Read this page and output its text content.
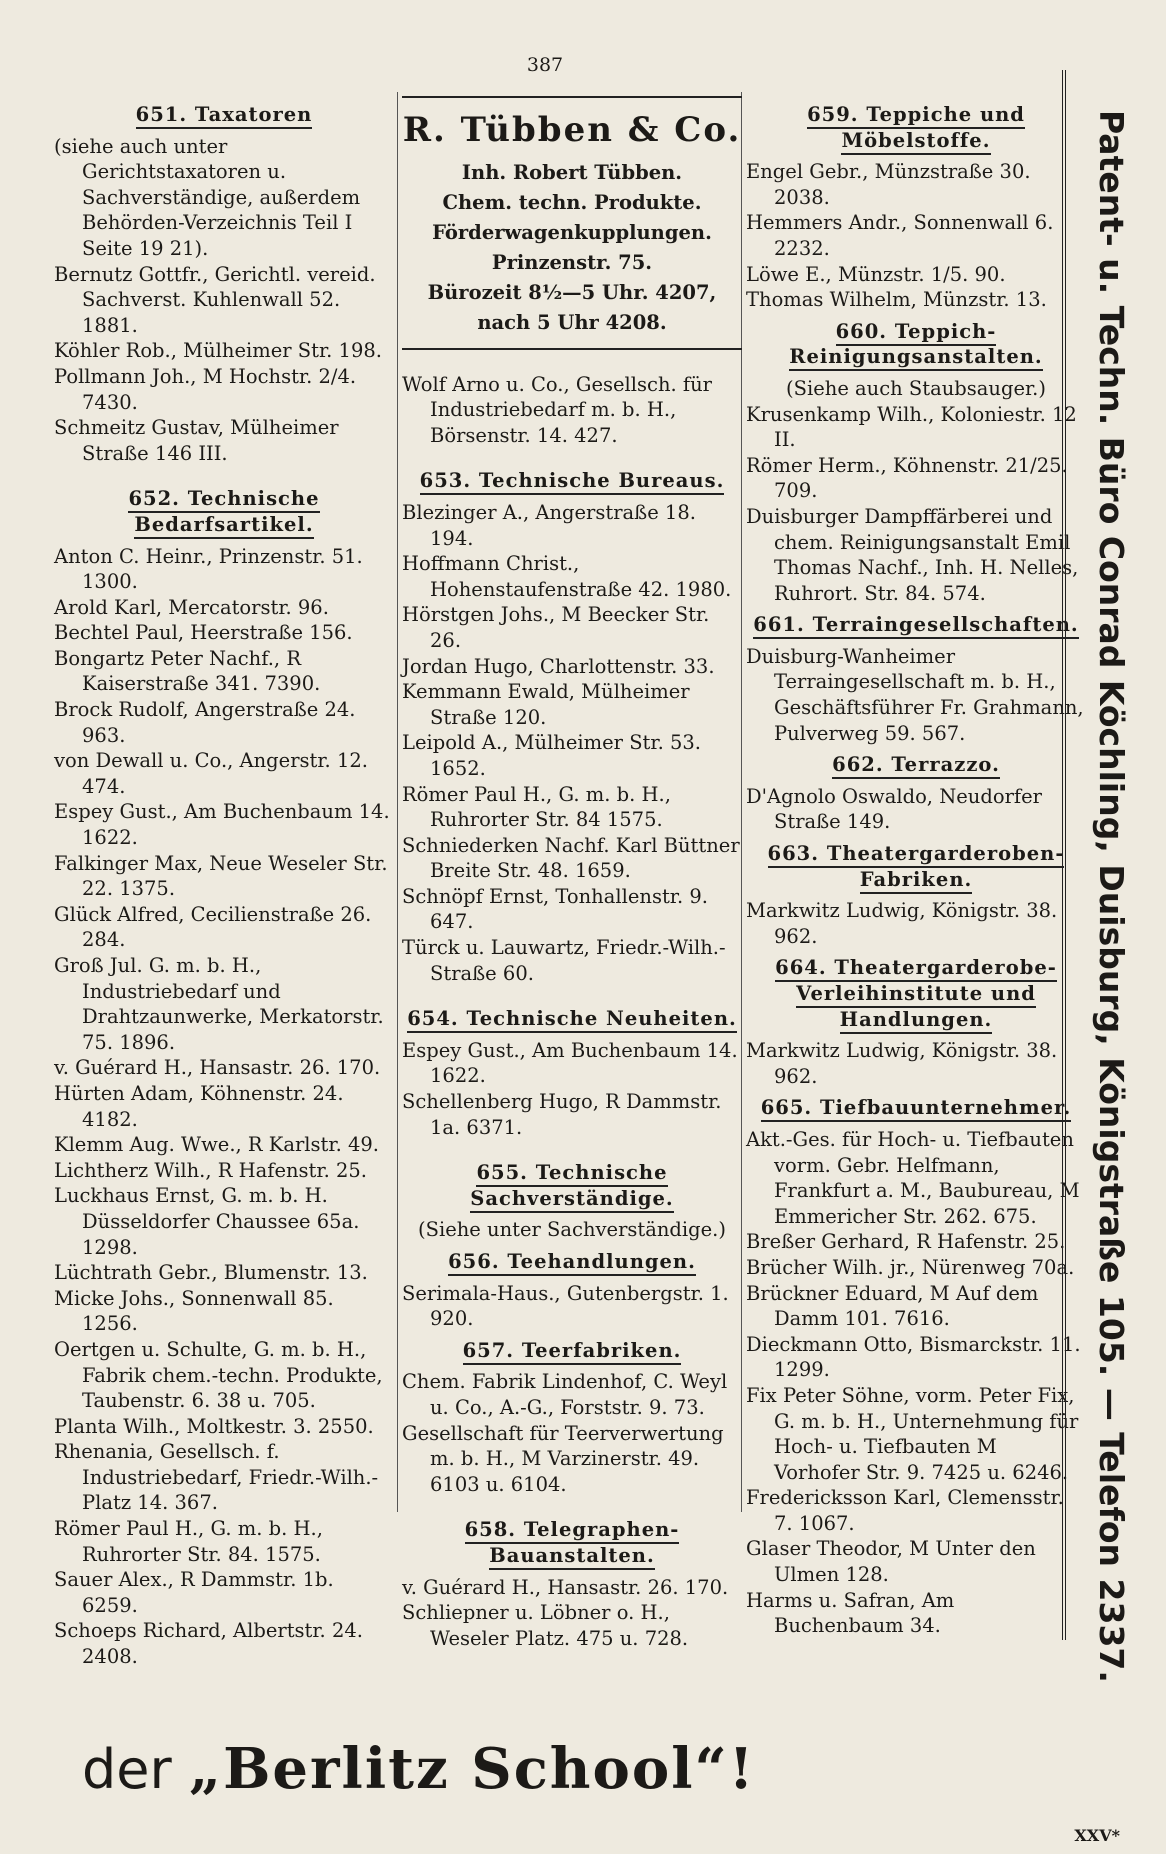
387
651. Taxatoren

(siehe auch unter Gerichtstaxatoren u. Sachverständige, außerdem Behörden-Verzeichnis Teil I Seite 19 21).

Bernutz Gottfr., Gerichtl. vereid. Sachverst. Kuhlenwall 52. 1881.

Köhler Rob., Mülheimer Str. 198.

Pollmann Joh., M Hochstr. 2/4. 7430.

Schmeitz Gustav, Mülheimer Straße 146 III.

652. Technische Bedarfsartikel.

Anton C. Heinr., Prinzenstr. 51. 1300.

Arold Karl, Mercatorstr. 96.

Bechtel Paul, Heerstraße 156.

Bongartz Peter Nachf., R Kaiserstraße 341. 7390.

Brock Rudolf, Angerstraße 24. 963.

von Dewall u. Co., Angerstr. 12. 474.

Espey Gust., Am Buchenbaum 14. 1622.

Falkinger Max, Neue Weseler Str. 22. 1375.

Glück Alfred, Cecilienstraße 26. 284.

Groß Jul. G. m. b. H., Industriebedarf und Drahtzaunwerke, Merkatorstr. 75. 1896.

v. Guérard H., Hansastr. 26. 170.

Hürten Adam, Köhnenstr. 24. 4182.

Klemm Aug. Wwe., R Karlstr. 49.

Lichtherz Wilh., R Hafenstr. 25.

Luckhaus Ernst, G. m. b. H. Düsseldorfer Chaussee 65a. 1298.

Lüchtrath Gebr., Blumenstr. 13.

Micke Johs., Sonnenwall 85. 1256.

Oertgen u. Schulte, G. m. b. H., Fabrik chem.-techn. Produkte, Taubenstr. 6. 38 u. 705.

Planta Wilh., Moltkestr. 3. 2550.

Rhenania, Gesellsch. f. Industriebedarf, Friedr.-Wilh.-Platz 14. 367.

Römer Paul H., G. m. b. H., Ruhrorter Str. 84. 1575.

Sauer Alex., R Dammstr. 1b. 6259.

Schoeps Richard, Albertstr. 24. 2408.

R. Tübben & Co.
Inh. Robert Tübben.
Chem. techn. Produkte. Förderwagenkupplungen.
Prinzenstr. 75.
Bürozeit 8½—5 Uhr. 4207,
nach 5 Uhr 4208.

Wolf Arno u. Co., Gesellsch. für Industriebedarf m. b. H., Börsenstr. 14. 427.

653. Technische Bureaus.

Blezinger A., Angerstraße 18. 194.

Hoffmann Christ., Hohenstaufenstraße 42. 1980.

Hörstgen Johs., M Beecker Str. 26.

Jordan Hugo, Charlottenstr. 33.

Kemmann Ewald, Mülheimer Straße 120.

Leipold A., Mülheimer Str. 53. 1652.

Römer Paul H., G. m. b. H., Ruhrorter Str. 84 1575.

Schniederken Nachf. Karl Büttner Breite Str. 48. 1659.

Schnöpf Ernst, Tonhallenstr. 9. 647.

Türck u. Lauwartz, Friedr.-Wilh.-Straße 60.

654. Technische Neuheiten.

Espey Gust., Am Buchenbaum 14. 1622.

Schellenberg Hugo, R Dammstr. 1a. 6371.

655. Technische Sachverständige.

(Siehe unter Sachverständige.)

656. Teehandlungen.

Serimala-Haus., Gutenbergstr. 1. 920.

657. Teerfabriken.

Chem. Fabrik Lindenhof, C. Weyl u. Co., A.-G., Forststr. 9. 73.

Gesellschaft für Teerverwertung m. b. H., M Varzinerstr. 49. 6103 u. 6104.

658. Telegraphen-Bauanstalten.

v. Guérard H., Hansastr. 26. 170.

Schliepner u. Löbner o. H., Weseler Platz. 475 u. 728.

659. Teppiche und Möbelstoffe.

Engel Gebr., Münzstraße 30. 2038.

Hemmers Andr., Sonnenwall 6. 2232.

Löwe E., Münzstr. 1/5. 90.

Thomas Wilhelm, Münzstr. 13.

660. Teppich-Reinigungsanstalten.

(Siehe auch Staubsauger.)

Krusenkamp Wilh., Koloniestr. 12 II.

Römer Herm., Köhnenstr. 21/25. 709.

Duisburger Dampffärberei und chem. Reinigungsanstalt Emil Thomas Nachf., Inh. H. Nelles, Ruhrort. Str. 84. 574.

661. Terraingesellschaften.

Duisburg-Wanheimer Terraingesellschaft m. b. H., Geschäftsführer Fr. Grahmann, Pulverweg 59. 567.

662. Terrazzo.

D'Agnolo Oswaldo, Neudorfer Straße 149.

663. Theatergarderoben-Fabriken.

Markwitz Ludwig, Königstr. 38. 962.

664. Theatergarderobe-Verleihinstitute und Handlungen.

Markwitz Ludwig, Königstr. 38. 962.

665. Tiefbauunternehmer.

Akt.-Ges. für Hoch- u. Tiefbauten vorm. Gebr. Helfmann, Frankfurt a. M., Baubureau, M Emmericher Str. 262. 675.

Breßer Gerhard, R Hafenstr. 25.

Brücher Wilh. jr., Nürenweg 70a.

Brückner Eduard, M Auf dem Damm 101. 7616.

Dieckmann Otto, Bismarckstr. 11. 1299.

Fix Peter Söhne, vorm. Peter Fix, G. m. b. H., Unternehmung für Hoch- u. Tiefbauten M Vorhofer Str. 9. 7425 u. 6246.

Fredericksson Karl, Clemensstr. 7. 1067.

Glaser Theodor, M Unter den Ulmen 128.

Harms u. Safran, Am Buchenbaum 34.	Patent- u. Techn. Büro Conrad Köchling, Duisburg, Königstraße 105. — Telefon 2337.
der „Berlitz School“!
XXV*
